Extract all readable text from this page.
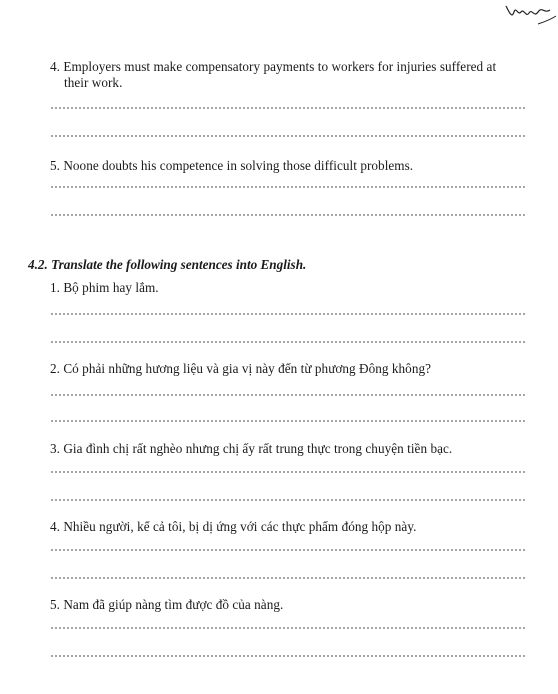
4. Employers must make compensatory payments to workers for injuries suffered at
their work.
5. Noone doubts his competence in solving those difficult problems.
4.2. Translate the following sentences into English.
1. Bộ phim hay lắm.
2. Có phải những hương liệu và gia vị này đến từ phương Đông không?
3. Gia đình chị rất nghèo nhưng chị ấy rất trung thực trong chuyện tiền bạc.
4. Nhiều người, kể cả tôi, bị dị ứng với các thực phẩm đóng hộp này.
5. Nam đã giúp nàng tìm được đồ của nàng.
